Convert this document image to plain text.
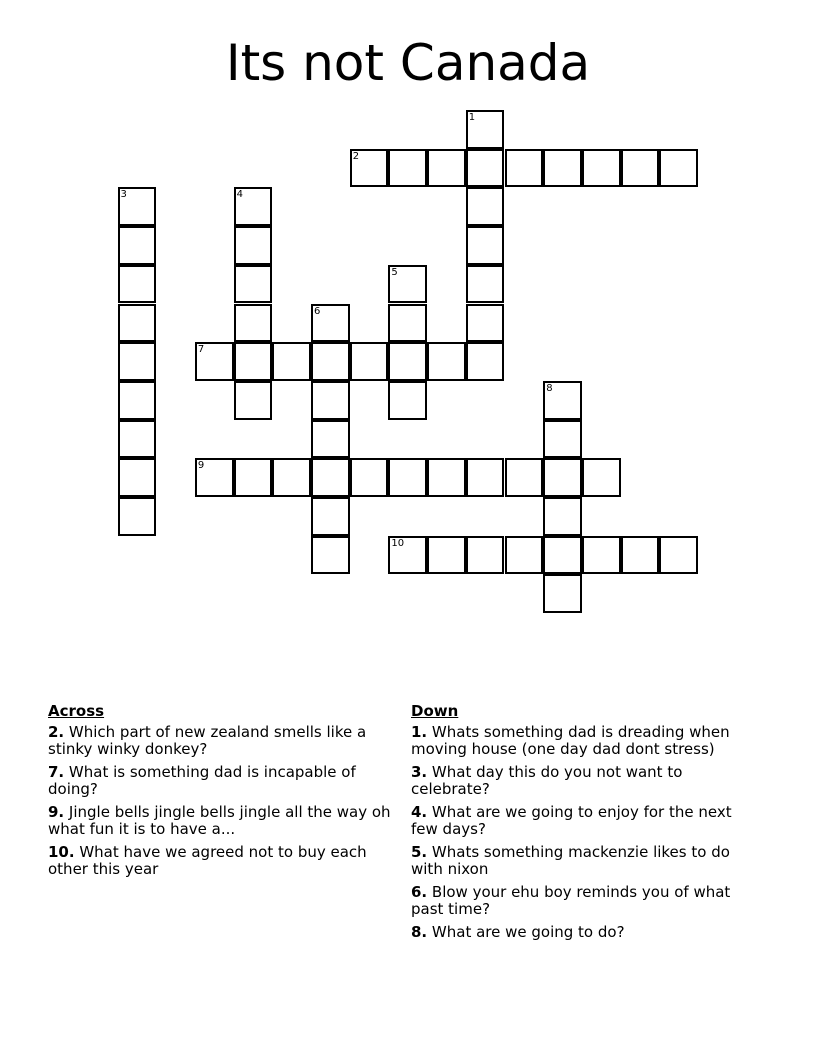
Its not Canada
1
2
3	4
5
6
7
8
9
10
Across
2. Which part of new zealand smells like a stinky winky donkey?
7. What is something dad is incapable of doing?
9. Jingle bells jingle bells jingle all the way oh what fun it is to have a...
10. What have we agreed not to buy each other this year
Down
1. Whats something dad is dreading when moving house (one day dad dont stress)
3. What day this do you not want to celebrate?
4. What are we going to enjoy for the next few days?
5. Whats something mackenzie likes to do with nixon
6. Blow your ehu boy reminds you of what past time?
8. What are we going to do?
